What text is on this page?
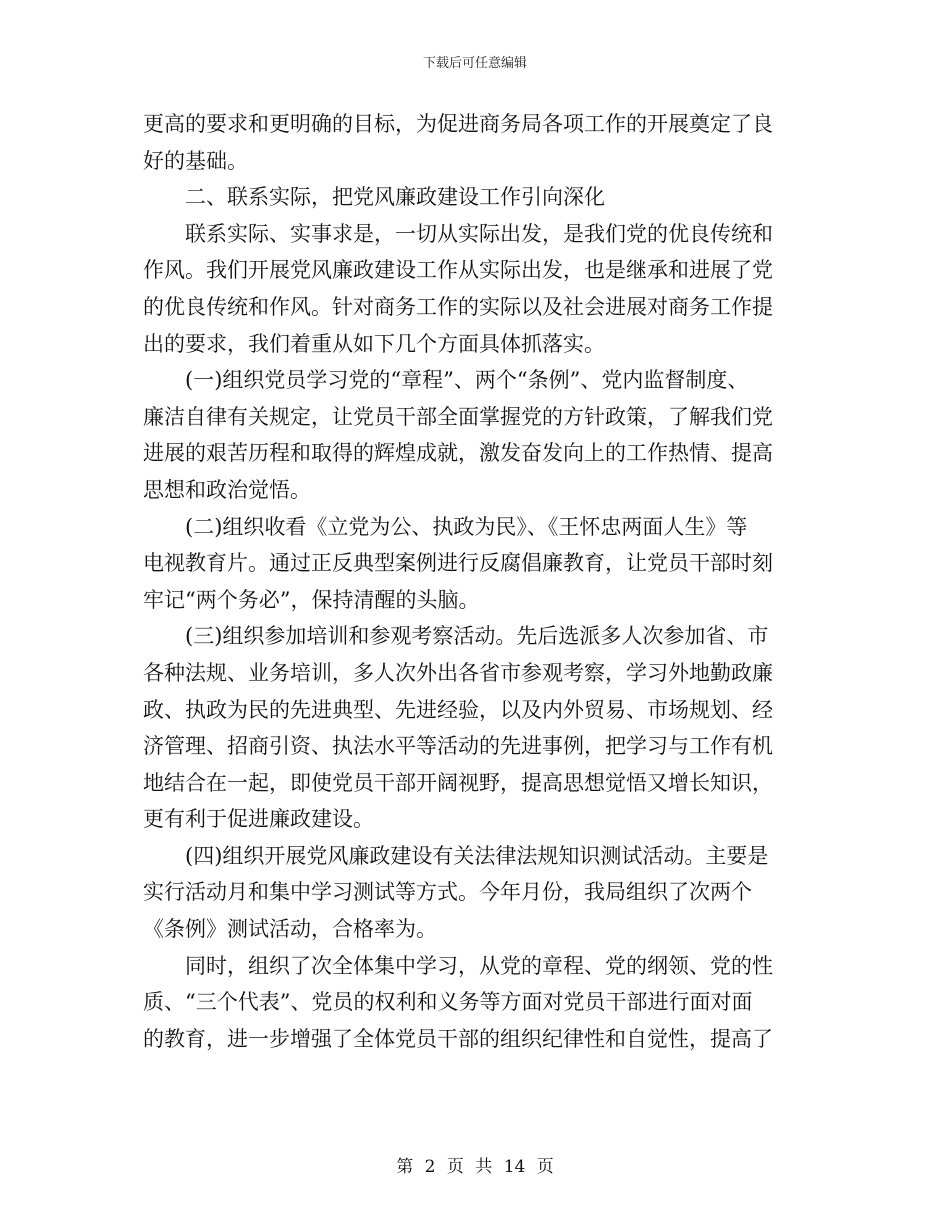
下载后可任意编辑
更高的要求和更明确的目标，为促进商务局各项工作的开展奠定了良
好的基础。
二、联系实际，把党风廉政建设工作引向深化
联系实际、实事求是，一切从实际出发，是我们党的优良传统和
作风。我们开展党风廉政建设工作从实际出发，也是继承和进展了党
的优良传统和作风。针对商务工作的实际以及社会进展对商务工作提
出的要求，我们着重从如下几个方面具体抓落实。
(一)组织党员学习党的“章程”、两个“条例”、党内监督制度、
廉洁自律有关规定，让党员干部全面掌握党的方针政策，了解我们党
进展的艰苦历程和取得的辉煌成就，激发奋发向上的工作热情、提高
思想和政治觉悟。
(二)组织收看《立党为公、执政为民》、《王怀忠两面人生》等
电视教育片。通过正反典型案例进行反腐倡廉教育，让党员干部时刻
牢记“两个务必”，保持清醒的头脑。
(三)组织参加培训和参观考察活动。先后选派多人次参加省、市
各种法规、业务培训，多人次外出各省市参观考察，学习外地勤政廉
政、执政为民的先进典型、先进经验，以及内外贸易、市场规划、经
济管理、招商引资、执法水平等活动的先进事例，把学习与工作有机
地结合在一起，即使党员干部开阔视野，提高思想觉悟又增长知识，
更有利于促进廉政建设。
(四)组织开展党风廉政建设有关法律法规知识测试活动。主要是
实行活动月和集中学习测试等方式。今年月份，我局组织了次两个
《条例》测试活动，合格率为。
同时，组织了次全体集中学习，从党的章程、党的纲领、党的性
质、“三个代表”、党员的权利和义务等方面对党员干部进行面对面
的教育，进一步增强了全体党员干部的组织纪律性和自觉性，提高了
第 2 页 共 14 页
